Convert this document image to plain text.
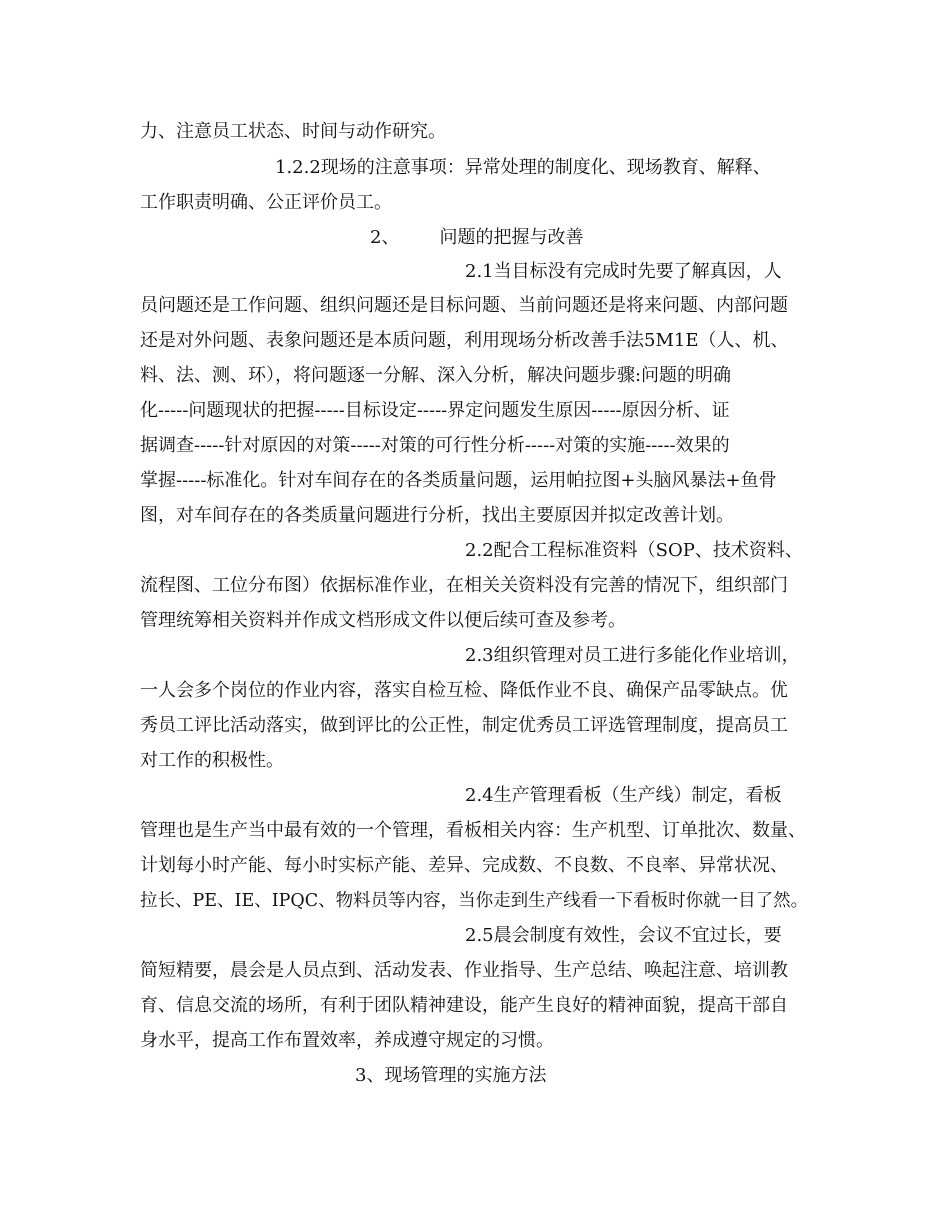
力、注意员工状态、时间与动作研究。
1.2.2现场的注意事项：异常处理的制度化、现场教育、解释、
工作职责明确、公正评价员工。
2、 问题的把握与改善
2.1当目标没有完成时先要了解真因，人
员问题还是工作问题、组织问题还是目标问题、当前问题还是将来问题、内部问题
还是对外问题、表象问题还是本质问题，利用现场分析改善手法5M1E（人、机、
料、法、测、环），将问题逐一分解、深入分析，解决问题步骤:问题的明确
化-----问题现状的把握-----目标设定-----界定问题发生原因-----原因分析、证
据调查-----针对原因的对策-----对策的可行性分析-----对策的实施-----效果的
掌握-----标准化。针对车间存在的各类质量问题，运用帕拉图+头脑风暴法+鱼骨
图，对车间存在的各类质量问题进行分析，找出主要原因并拟定改善计划。
2.2配合工程标准资料（SOP、技术资料、
流程图、工位分布图）依据标准作业，在相关关资料没有完善的情况下，组织部门
管理统筹相关资料并作成文档形成文件以便后续可查及参考。
2.3组织管理对员工进行多能化作业培训，
一人会多个岗位的作业内容，落实自检互检、降低作业不良、确保产品零缺点。优
秀员工评比活动落实，做到评比的公正性，制定优秀员工评选管理制度，提高员工
对工作的积极性。
2.4生产管理看板（生产线）制定，看板
管理也是生产当中最有效的一个管理，看板相关内容：生产机型、订单批次、数量、
计划每小时产能、每小时实标产能、差异、完成数、不良数、不良率、异常状况、
拉长、PE、IE、IPQC、物料员等内容，当你走到生产线看一下看板时你就一目了然。
2.5晨会制度有效性，会议不宜过长，要
简短精要，晨会是人员点到、活动发表、作业指导、生产总结、唤起注意、培训教
育、信息交流的场所，有利于团队精神建设，能产生良好的精神面貌，提高干部自
身水平，提高工作布置效率，养成遵守规定的习惯。
3、现场管理的实施方法
